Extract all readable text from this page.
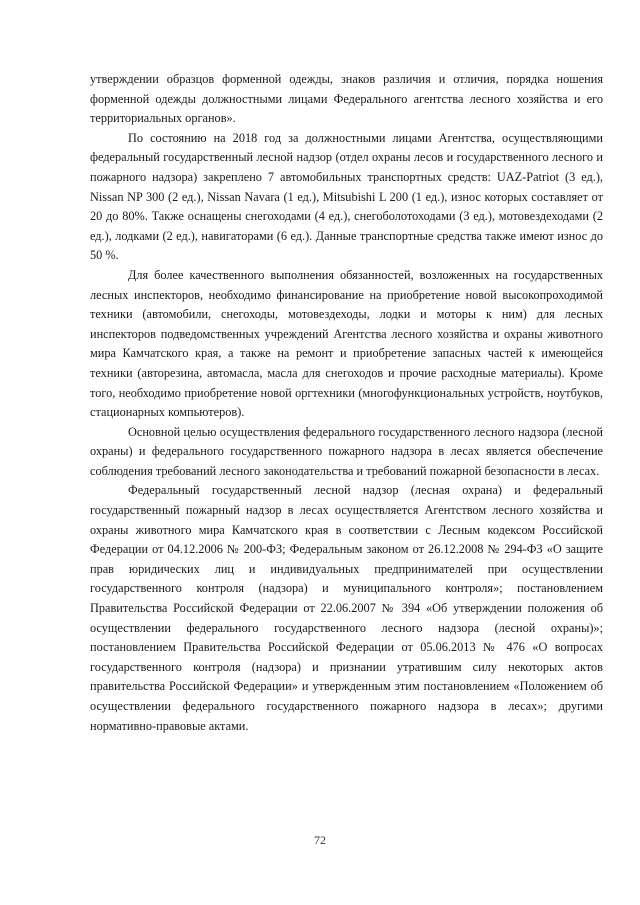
утверждении образцов форменной одежды, знаков различия и отличия, порядка ношения форменной одежды должностными лицами Федерального агентства лесного хозяйства и его территориальных органов».

По состоянию на 2018 год за должностными лицами Агентства, осуществляющими федеральный государственный лесной надзор (отдел охраны лесов и государственного лесного и пожарного надзора) закреплено 7 автомобильных транспортных средств: UAZ-Patriot (3 ед.), Nissan NP 300 (2 ед.), Nissan Navara (1 ед.), Mitsubishi L 200 (1 ед.), износ которых составляет от 20 до 80%. Также оснащены снегоходами (4 ед.), снегоболотоходами (3 ед.), мотовездеходами (2 ед.), лодками (2 ед.), навигаторами (6 ед.). Данные транспортные средства также имеют износ до 50 %.

Для более качественного выполнения обязанностей, возложенных на государственных лесных инспекторов, необходимо финансирование на приобретение новой высокопроходимой техники (автомобили, снегоходы, мотовездеходы, лодки и моторы к ним) для лесных инспекторов подведомственных учреждений Агентства лесного хозяйства и охраны животного мира Камчатского края, а также на ремонт и приобретение запасных частей к имеющейся техники (авторезина, автомасла, масла для снегоходов и прочие расходные материалы). Кроме того, необходимо приобретение новой оргтехники (многофункциональных устройств, ноутбуков, стационарных компьютеров).

Основной целью осуществления федерального государственного лесного надзора (лесной охраны) и федерального государственного пожарного надзора в лесах является обеспечение соблюдения требований лесного законодательства и требований пожарной безопасности в лесах.

Федеральный государственный лесной надзор (лесная охрана) и федеральный государственный пожарный надзор в лесах осуществляется Агентством лесного хозяйства и охраны животного мира Камчатского края в соответствии с Лесным кодексом Российской Федерации от 04.12.2006 № 200-ФЗ; Федеральным законом от 26.12.2008 № 294-ФЗ «О защите прав юридических лиц и индивидуальных предпринимателей при осуществлении государственного контроля (надзора) и муниципального контроля»; постановлением Правительства Российской Федерации от 22.06.2007 № 394 «Об утверждении положения об осуществлении федерального государственного лесного надзора (лесной охраны)»; постановлением Правительства Российской Федерации от 05.06.2013 № 476 «О вопросах государственного контроля (надзора) и признании утратившим силу некоторых актов правительства Российской Федерации» и утвержденным этим постановлением «Положением об осуществлении федерального государственного пожарного надзора в лесах»; другими нормативно-правовые актами.

72
